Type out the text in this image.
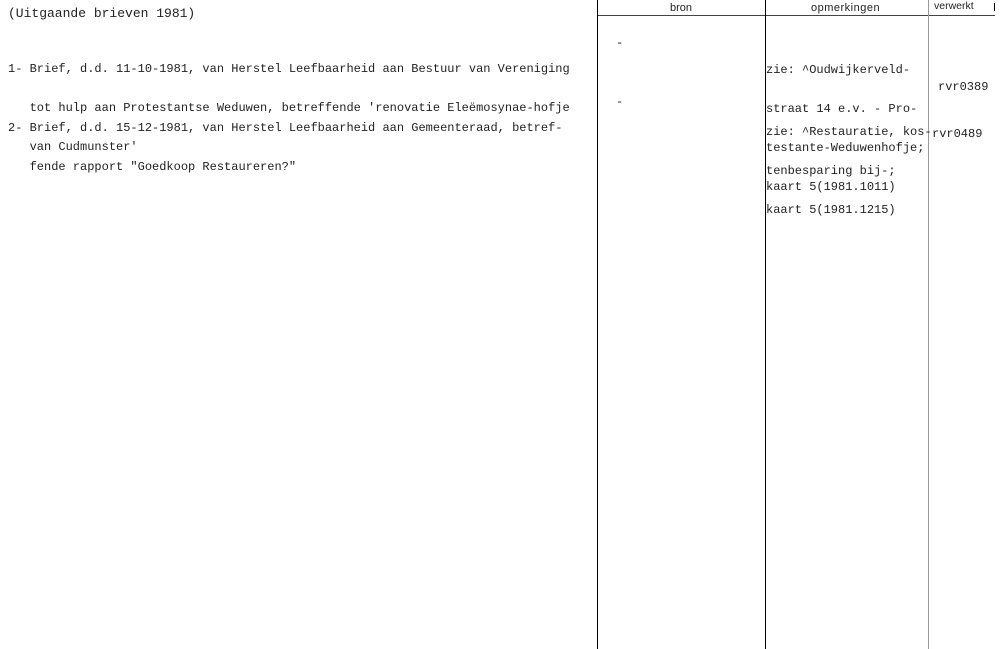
bron	opmerkingen	verwerkt
(Uitgaande brieven 1981)

1- Brief, d.d. 11-10-1981, van Herstel Leefbaarheid aan Bestuur van Vereniging

tot hulp aan Protestantse Weduwen, betreffende 'renovatie Eleëmosynae-hofje

van Cudmunster'

-

zie: ^Oudwijkerveld-

straat 14 e.v. - Pro-

testante-Weduwenhofje;

kaart 5(1981.1011)

rvr0389

2- Brief, d.d. 15-12-1981, van Herstel Leefbaarheid aan Gemeenteraad, betref-

fende rapport "Goedkoop Restaureren?"

-

zie: ^Restauratie, kos-

tenbesparing bij-;

kaart 5(1981.1215)

rvr0489
